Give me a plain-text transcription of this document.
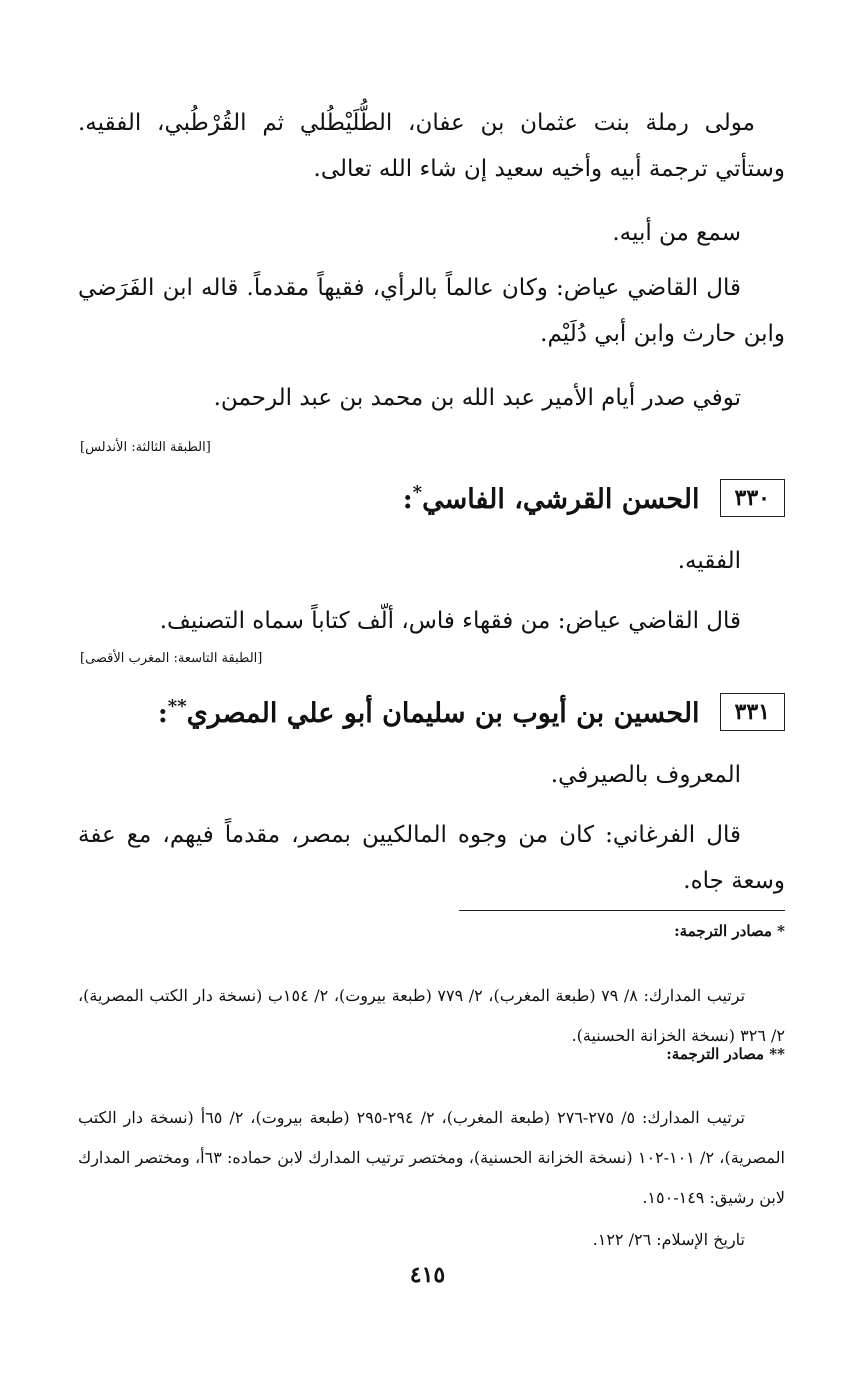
مولى رملة بنت عثمان بن عفان، الطُّلَيْطُلي ثم القُرْطُبي، الفقيه. وستأتي ترجمة أبيه وأخيه سعيد إن شاء الله تعالى.

سمع من أبيه.

قال القاضي عياض: وكان عالماً بالرأي، فقيهاً مقدماً. قاله ابن الفَرَضي وابن حارث وابن أبي دُلَيْم.

توفي صدر أيام الأمير عبد الله بن محمد بن عبد الرحمن.

[الطبقة الثالثة: الأندلس]
٣٣٠
الحسن القرشي، الفاسي*:

الفقيه.

قال القاضي عياض: من فقهاء فاس، ألّف كتاباً سماه التصنيف.

[الطبقة التاسعة: المغرب الأقصى]
٣٣١
الحسين بن أيوب بن سليمان أبو علي المصري**:

المعروف بالصيرفي.

قال الفرغاني: كان من وجوه المالكيين بمصر، مقدماً فيهم، مع عفة وسعة جاه.

* مصادر الترجمة:

ترتيب المدارك: ٨/ ٧٩ (طبعة المغرب)، ٢/ ٧٧٩ (طبعة بيروت)، ٢/ ١٥٤ب (نسخة دار الكتب المصرية)، ٢/ ٣٢٦ (نسخة الخزانة الحسنية).

** مصادر الترجمة:

ترتيب المدارك: ٥/ ٢٧٥-٢٧٦ (طبعة المغرب)، ٢/ ٢٩٤-٢٩٥ (طبعة بيروت)، ٢/ ٦٥أ (نسخة دار الكتب المصرية)، ٢/ ١٠١-١٠٢ (نسخة الخزانة الحسنية)، ومختصر ترتيب المدارك لابن حماده: ٦٣أ، ومختصر المدارك لابن رشيق: ١٤٩-١٥٠.

تاريخ الإسلام: ٢٦/ ١٢٢.

٤١٥
